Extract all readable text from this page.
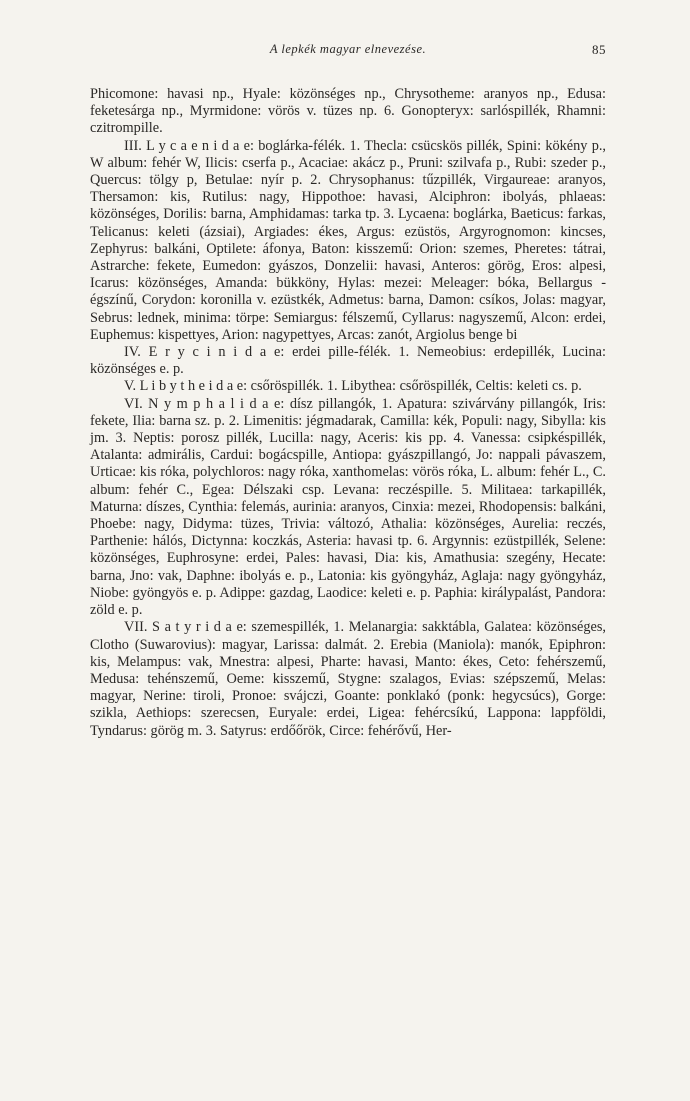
A lepkék magyar elnevezése.	85

Phicomone: havasi np., Hyale: közönséges np., Chrysotheme: aranyos np., Edusa: feketesárga np., Myrmidone: vörös v. tüzes np. 6. Gonopteryx: sarlóspillék, Rhamni: czitrompille.

III. L y c a e n i d a e: boglárka-félék. 1. Thecla: csücskös pillék, Spini: kökény p., W album: fehér W, Ilicis: cserfa p., Acaciae: akácz p., Pruni: szilvafa p., Rubi: szeder p., Quercus: tölgy p, Betulae: nyír p. 2. Chrysophanus: tűzpillék, Virgaureae: aranyos, Thersamon: kis, Rutilus: nagy, Hippothoe: havasi, Alciphron: ibolyás, phlaeas: közönséges, Dorilis: barna, Amphidamas: tarka tp. 3. Lycaena: boglárka, Baeticus: farkas, Telicanus: keleti (ázsiai), Argiades: ékes, Argus: ezüstös, Argyrognomon: kincses, Zephyrus: balkáni, Optilete: áfonya, Baton: kisszemű: Orion: szemes, Pheretes: tátrai, Astrarche: fekete, Eumedon: gyászos, Donzelii: havasi, Anteros: görög, Eros: alpesi, Icarus: közönséges, Amanda: bükköny, Hylas: mezei: Meleager: bóka, Bellargus - égszínű, Corydon: koronilla v. ezüstkék, Admetus: barna, Damon: csíkos, Jolas: magyar, Sebrus: lednek, minima: törpe: Semiargus: félszemű, Cyllarus: nagyszemű, Alcon: erdei, Euphemus: kispettyes, Arion: nagypettyes, Arcas: zanót, Argiolus benge bi

IV. E r y c i n i d a e: erdei pille-félék. 1. Nemeobius: erdepillék, Lucina: közönséges e. p.

V. L i b y t h e i d a e: csőröspillék. 1. Libythea: csőröspillék, Celtis: keleti cs. p.

VI. N y m p h a l i d a e: dísz pillangók, 1. Apatura: szivárvány pillangók, Iris: fekete, Ilia: barna sz. p. 2. Limenitis: jégmadarak, Camilla: kék, Populi: nagy, Sibylla: kis jm. 3. Neptis: porosz pillék, Lucilla: nagy, Aceris: kis pp. 4. Vanessa: csipkéspillék, Atalanta: admirális, Cardui: bogácspille, Antiopa: gyászpillangó, Jo: nappali pávaszem, Urticae: kis róka, polychloros: nagy róka, xanthomelas: vörös róka, L. album: fehér L., C. album: fehér C., Egea: Délszaki csp. Levana: reczéspille. 5. Militaea: tarkapillék, Maturna: díszes, Cynthia: felemás, aurinia: aranyos, Cinxia: mezei, Rhodopensis: balkáni, Phoebe: nagy, Didyma: tüzes, Trivia: változó, Athalia: közönséges, Aurelia: reczés, Parthenie: hálós, Dictynna: koczkás, Asteria: havasi tp. 6. Argynnis: ezüstpillék, Selene: közönséges, Euphrosyne: erdei, Pales: havasi, Dia: kis, Amathusia: szegény, Hecate: barna, Jno: vak, Daphne: ibolyás e. p., Latonia: kis gyöngyház, Aglaja: nagy gyöngyház, Niobe: gyöngyös e. p. Adippe: gazdag, Laodice: keleti e. p. Paphia: királypalást, Pandora: zöld e. p.

VII. S a t y r i d a e: szemespillék, 1. Melanargia: sakktábla, Galatea: közönséges, Clotho (Suwarovius): magyar, Larissa: dalmát. 2. Erebia (Maniola): manók, Epiphron: kis, Melampus: vak, Mnestra: alpesi, Pharte: havasi, Manto: ékes, Ceto: fehérszemű, Medusa: tehénszemű, Oeme: kisszemű, Stygne: szalagos, Evias: szépszemű, Melas: magyar, Nerine: tiroli, Pronoe: svájczi, Goante: ponklakó (ponk: hegycsúcs), Gorge: szikla, Aethiops: szerecsen, Euryale: erdei, Ligea: fehércsíkú, Lappona: lappföldi, Tyndarus: görög m. 3. Satyrus: erdőőrök, Circe: fehérővű, Her-
